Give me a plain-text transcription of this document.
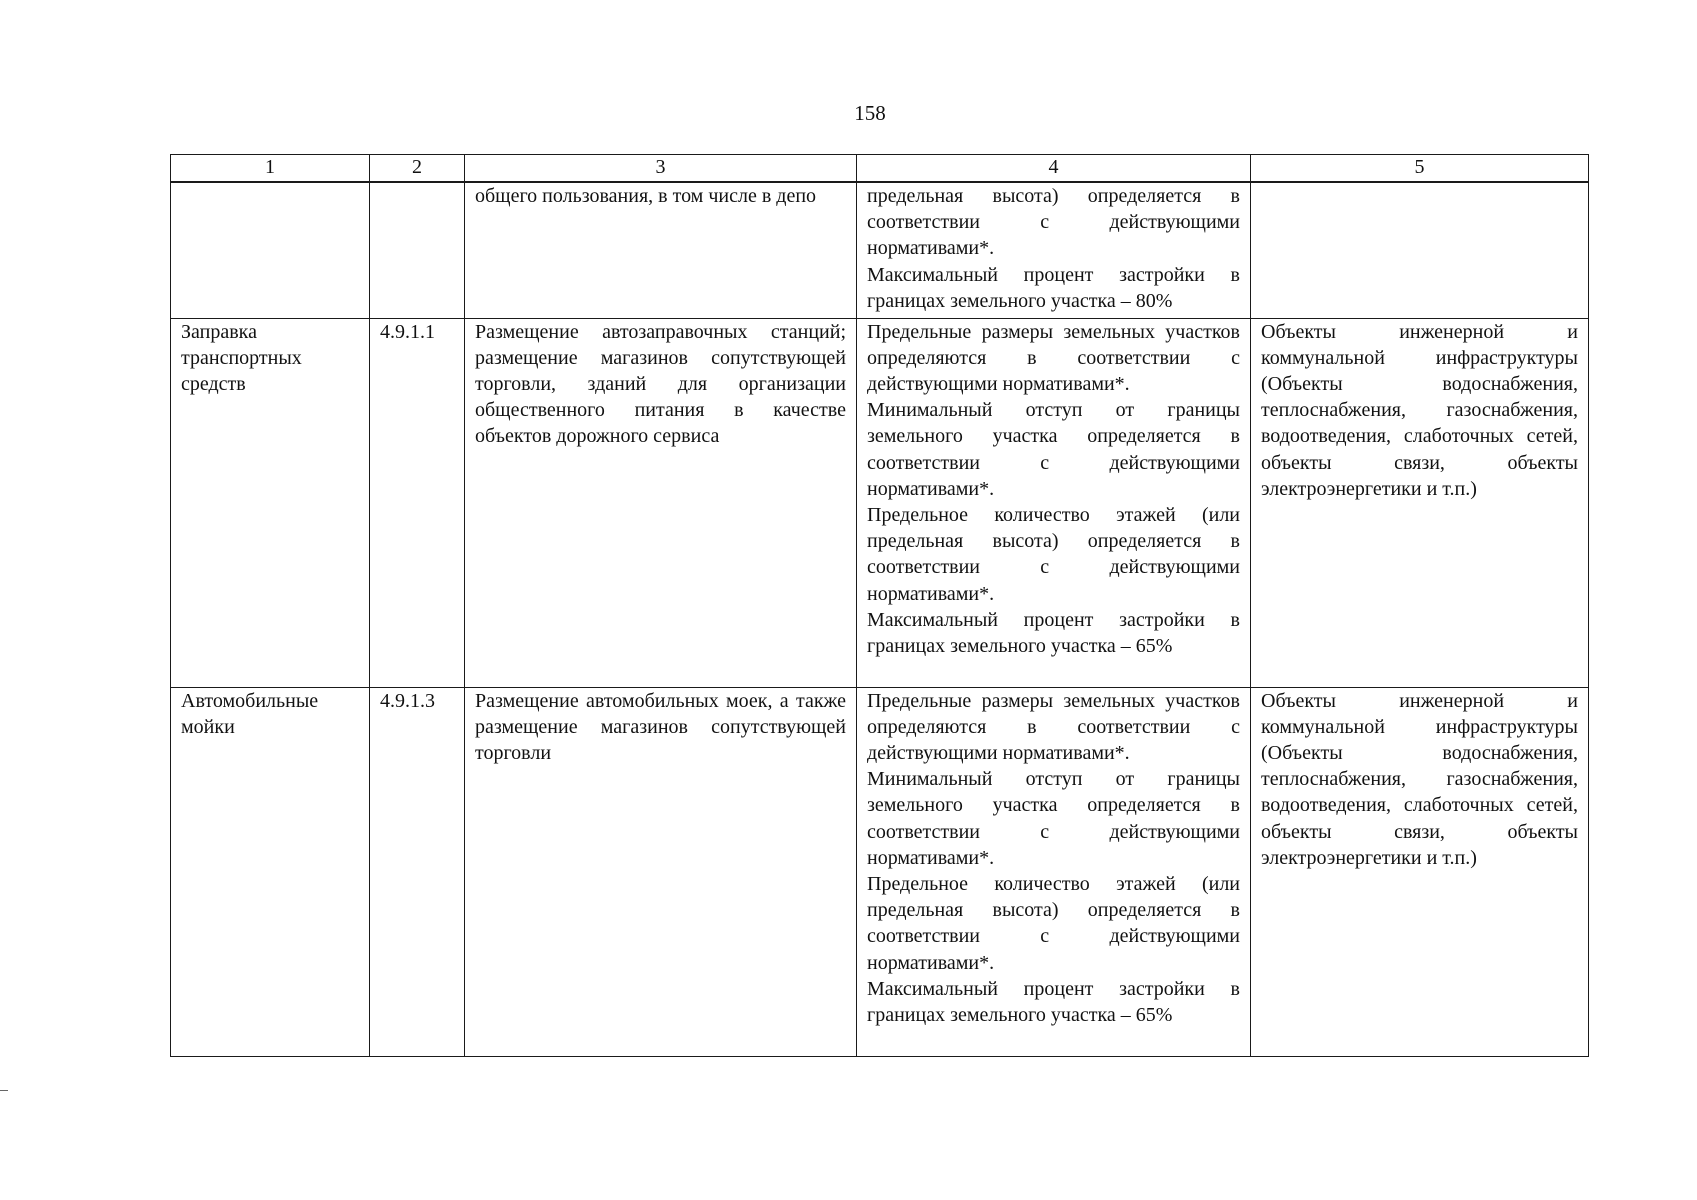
158
1	2	3	4	5
		общего пользования, в том числе в депо	предельная высота) определяется в соответствии с действующими нормативами*.
Максимальный процент застройки в границах земельного участка – 80%	

Заправка транспортных средств	4.9.1.1	Размещение автозаправочных станций; размещение магазинов сопутствующей торговли, зданий для организации общественного питания в качестве объектов дорожного сервиса	Предельные размеры земельных участков определяются в соответствии с действующими нормативами*.
Минимальный отступ от границы земельного участка определяется в соответствии с действующими нормативами*.
Предельное количество этажей (или предельная высота) определяется в соответствии с действующими нормативами*.
Максимальный процент застройки в границах земельного участка – 65%	Объекты инженерной и коммунальной инфраструктуры (Объекты водоснабжения, теплоснабжения, газоснабжения, водоотведения, слаботочных сетей, объекты связи, объекты электроэнергетики и т.п.)
Автомобильные мойки	4.9.1.3	Размещение автомобильных моек, а также размещение магазинов сопутствующей торговли	Предельные размеры земельных участков определяются в соответствии с действующими нормативами*.
Минимальный отступ от границы земельного участка определяется в соответствии с действующими нормативами*.
Предельное количество этажей (или предельная высота) определяется в соответствии с действующими нормативами*.
Максимальный процент застройки в границах земельного участка – 65%	Объекты инженерной и коммунальной инфраструктуры (Объекты водоснабжения, теплоснабжения, газоснабжения, водоотведения, слаботочных сетей, объекты связи, объекты электроэнергетики и т.п.)
